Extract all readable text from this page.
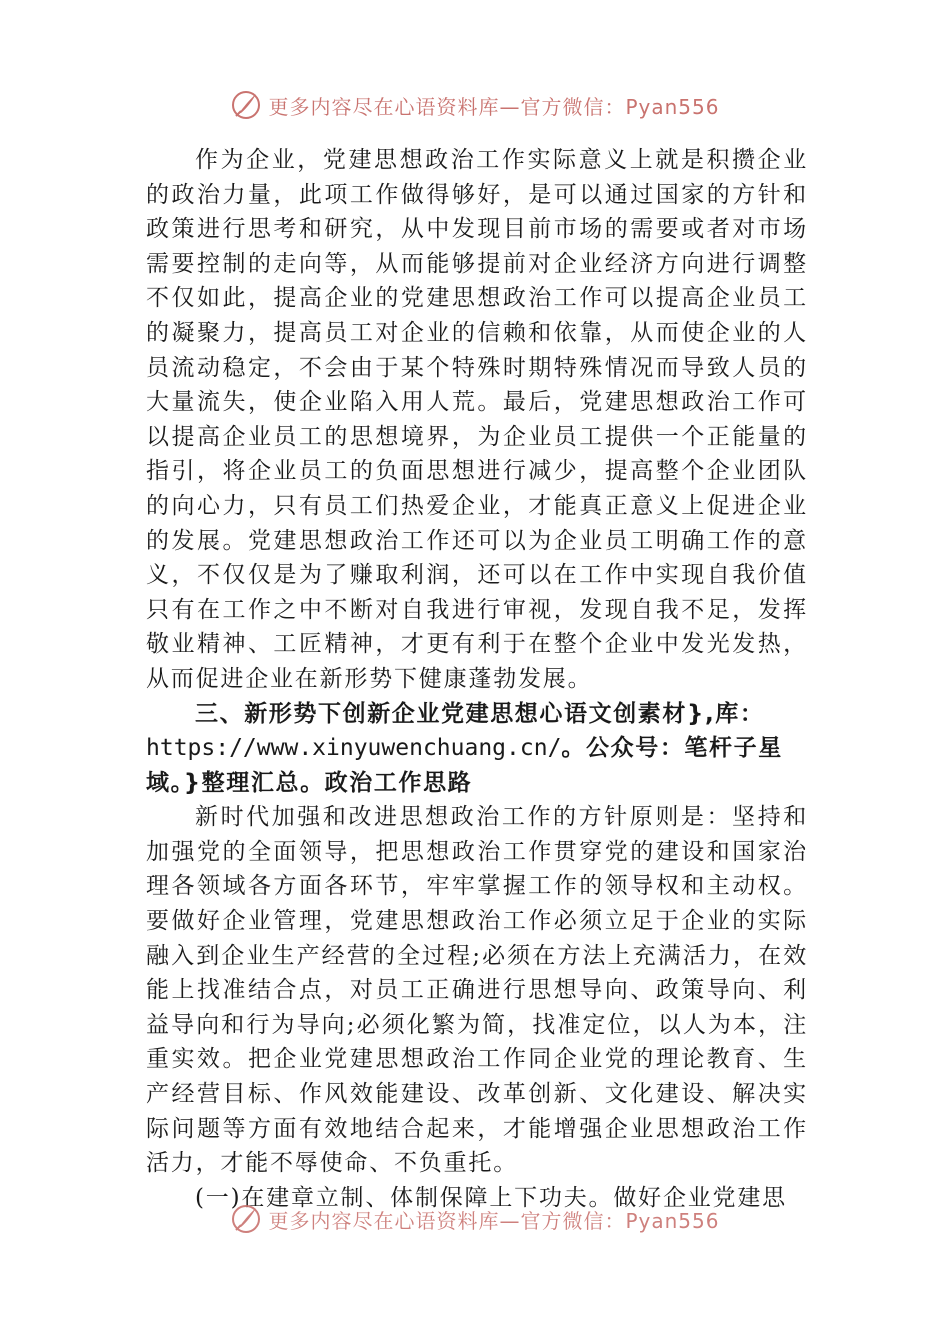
更多内容尽在心语资料库—官方微信：Pyan556

作为企业，党建思想政治工作实际意义上就是积攒企业的政治力量，此项工作做得够好，是可以通过国家的方针和政策进行思考和研究，从中发现目前市场的需要或者对市场需要控制的走向等，从而能够提前对企业经济方向进行调整不仅如此，提高企业的党建思想政治工作可以提高企业员工的凝聚力，提高员工对企业的信赖和依靠，从而使企业的人员流动稳定，不会由于某个特殊时期特殊情况而导致人员的大量流失，使企业陷入用人荒。最后，党建思想政治工作可以提高企业员工的思想境界，为企业员工提供一个正能量的指引，将企业员工的负面思想进行减少，提高整个企业团队的向心力，只有员工们热爱企业，才能真正意义上促进企业的发展。党建思想政治工作还可以为企业员工明确工作的意义，不仅仅是为了赚取利润，还可以在工作中实现自我价值只有在工作之中不断对自我进行审视，发现自我不足，发挥敬业精神、工匠精神，才更有利于在整个企业中发光发热，从而促进企业在新形势下健康蓬勃发展。

三、新形势下创新企业党建思想心语文创素材},库：https://www.xinyuwenchuang.cn/。公众号：笔杆子星域。}整理汇总。政治工作思路

新时代加强和改进思想政治工作的方针原则是：坚持和加强党的全面领导，把思想政治工作贯穿党的建设和国家治理各领域各方面各环节，牢牢掌握工作的领导权和主动权。要做好企业管理，党建思想政治工作必须立足于企业的实际融入到企业生产经营的全过程;必须在方法上充满活力，在效能上找准结合点，对员工正确进行思想导向、政策导向、利益导向和行为导向;必须化繁为简，找准定位，以人为本，注重实效。把企业党建思想政治工作同企业党的理论教育、生产经营目标、作风效能建设、改革创新、文化建设、解决实际问题等方面有效地结合起来，才能增强企业思想政治工作活力，才能不辱使命、不负重托。

(一)在建章立制、体制保障上下功夫。做好企业党建思

更多内容尽在心语资料库—官方微信：Pyan556
